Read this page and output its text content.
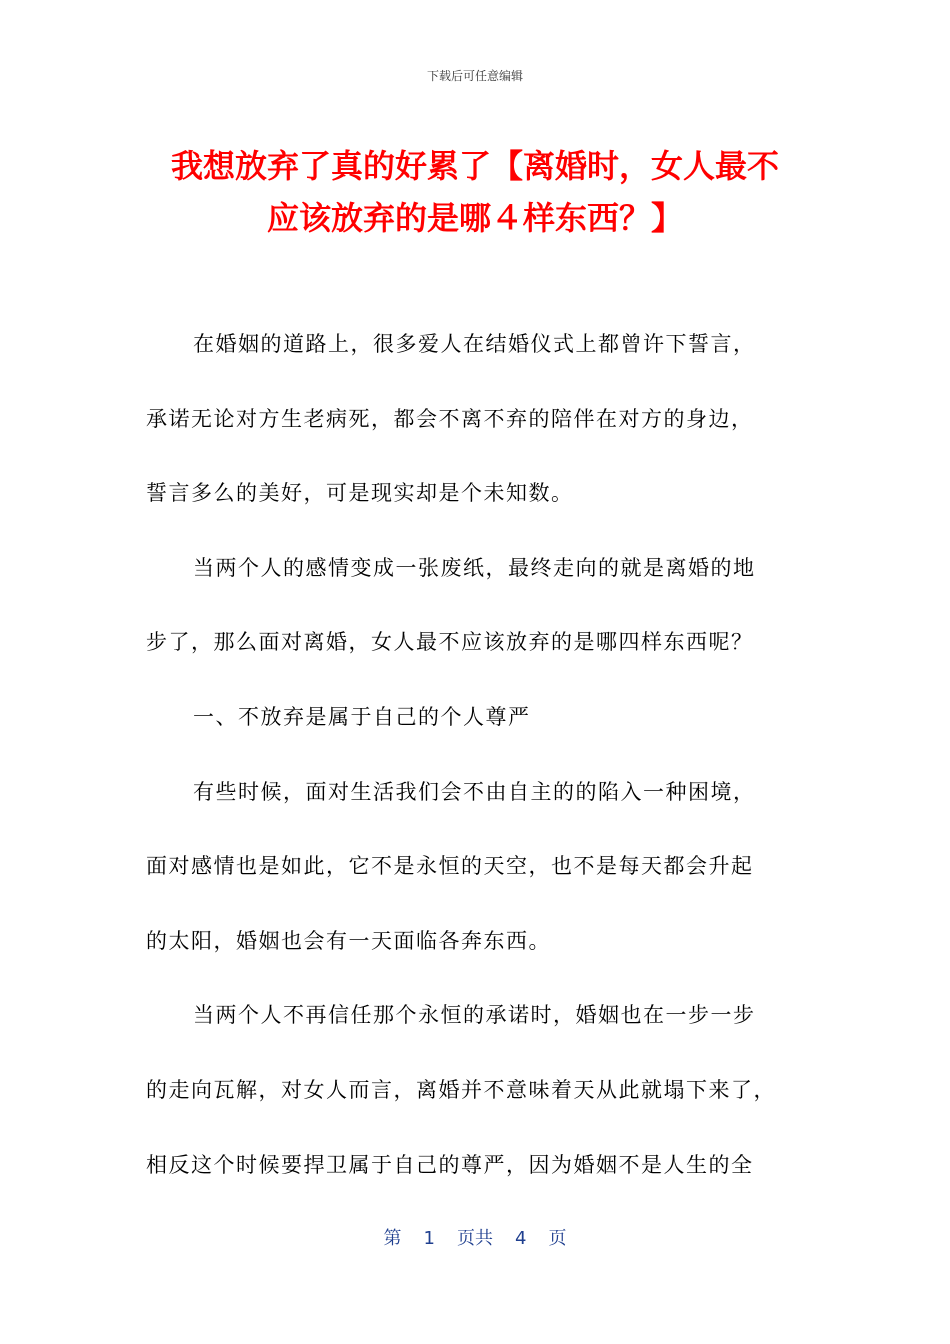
下载后可任意编辑
我想放弃了真的好累了【离婚时，女人最不
应该放弃的是哪４样东西？】
在婚姻的道路上，很多爱人在结婚仪式上都曾许下誓言，
承诺无论对方生老病死，都会不离不弃的陪伴在对方的身边，
誓言多么的美好，可是现实却是个未知数。
当两个人的感情变成一张废纸，最终走向的就是离婚的地
步了，那么面对离婚，女人最不应该放弃的是哪四样东西呢？
一、不放弃是属于自己的个人尊严
有些时候，面对生活我们会不由自主的的陷入一种困境，
面对感情也是如此，它不是永恒的天空，也不是每天都会升起
的太阳，婚姻也会有一天面临各奔东西。
当两个人不再信任那个永恒的承诺时，婚姻也在一步一步
的走向瓦解，对女人而言，离婚并不意味着天从此就塌下来了，
相反这个时候要捍卫属于自己的尊严，因为婚姻不是人生的全
第 1 页共 4 页
